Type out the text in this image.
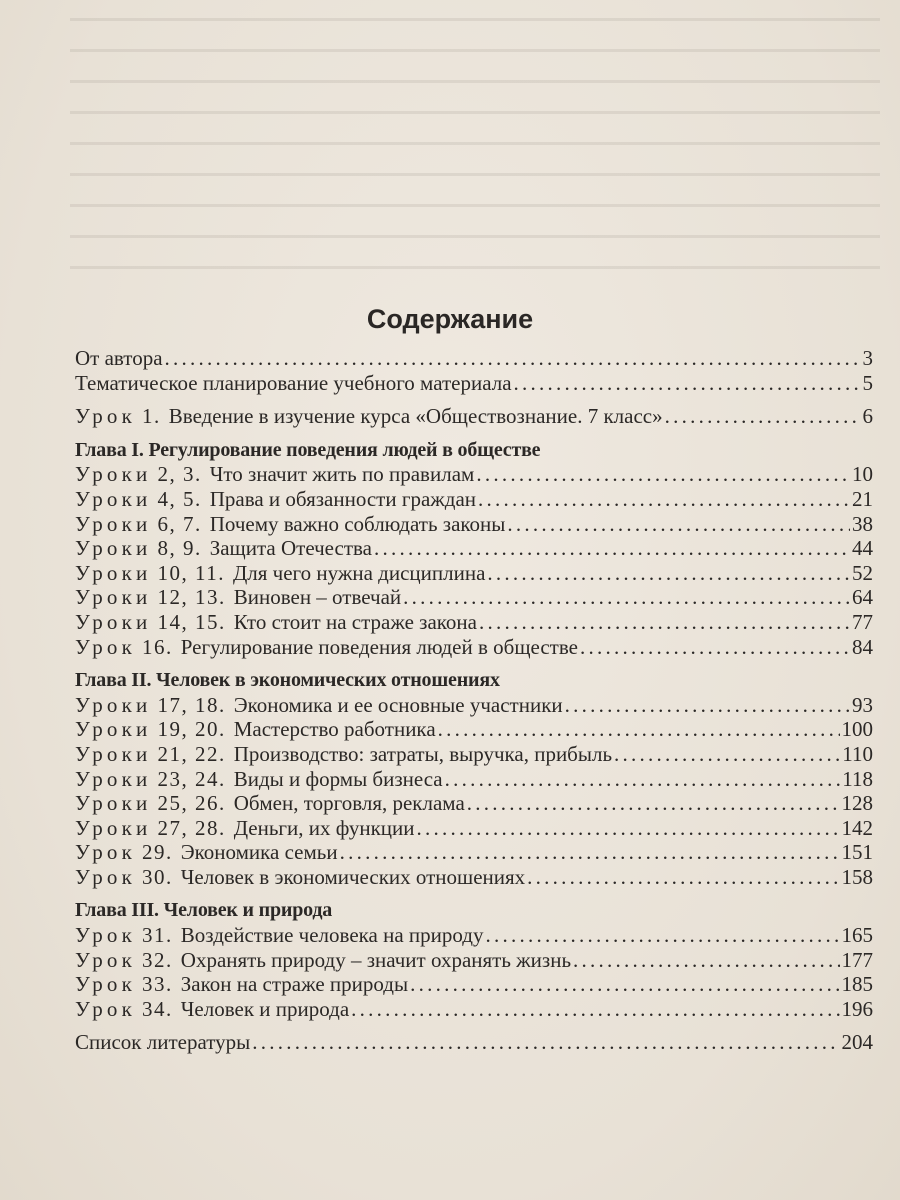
Содержание
От автора . . .	3
Тематическое планирование учебного материала . . .	5
Урок 1. Введение в изучение курса «Обществознание. 7 класс» . . .	6
Глава I. Регулирование поведения людей в обществе
Уроки 2, 3. Что значит жить по правилам . . .	10
Уроки 4, 5. Права и обязанности граждан . . .	21
Уроки 6, 7. Почему важно соблюдать законы . . .	38
Уроки 8, 9. Защита Отечества . . .	44
Уроки 10, 11. Для чего нужна дисциплина . . .	52
Уроки 12, 13. Виновен – отвечай . . .	64
Уроки 14, 15. Кто стоит на страже закона . . .	77
Урок 16. Регулирование поведения людей в обществе . . .	84
Глава II. Человек в экономических отношениях
Уроки 17, 18. Экономика и ее основные участники . . .	93
Уроки 19, 20. Мастерство работника . . .	100
Уроки 21, 22. Производство: затраты, выручка, прибыль . . .	110
Уроки 23, 24. Виды и формы бизнеса . . .	118
Уроки 25, 26. Обмен, торговля, реклама . . .	128
Уроки 27, 28. Деньги, их функции . . .	142
Урок 29. Экономика семьи . . .	151
Урок 30. Человек в экономических отношениях . . .	158
Глава III. Человек и природа
Урок 31. Воздействие человека на природу . . .	165
Урок 32. Охранять природу – значит охранять жизнь . . .	177
Урок 33. Закон на страже природы . . .	185
Урок 34. Человек и природа . . .	196
Список литературы . . .	204
